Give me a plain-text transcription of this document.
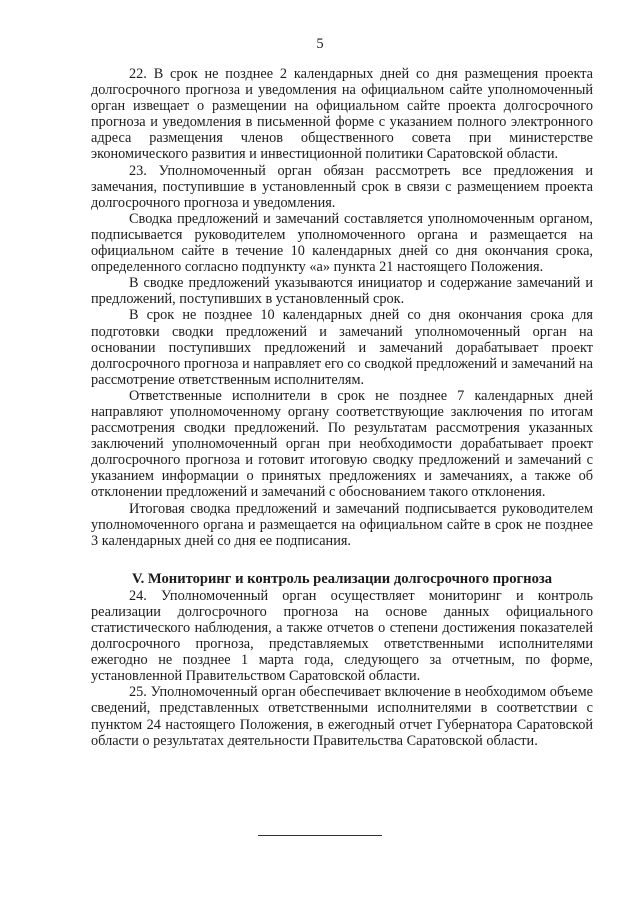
5

22. В срок не позднее 2 календарных дней со дня размещения проекта долгосрочного прогноза и уведомления на официальном сайте уполномоченный орган извещает о размещении на официальном сайте проекта долгосрочного прогноза и уведомления в письменной форме с указанием полного электронного адреса размещения членов общественного совета при министерстве экономического развития и инвестиционной политики Саратовской области.

23. Уполномоченный орган обязан рассмотреть все предложения и замечания, поступившие в установленный срок в связи с размещением проекта долгосрочного прогноза и уведомления.

Сводка предложений и замечаний составляется уполномоченным органом, подписывается руководителем уполномоченного органа и размещается на официальном сайте в течение 10 календарных дней со дня окончания срока, определенного согласно подпункту «а» пункта 21 настоящего Положения.

В сводке предложений указываются инициатор и содержание замечаний и предложений, поступивших в установленный срок.

В срок не позднее 10 календарных дней со дня окончания срока для подготовки сводки предложений и замечаний уполномоченный орган на основании поступивших предложений и замечаний дорабатывает проект долгосрочного прогноза и направляет его со сводкой предложений и замечаний на рассмотрение ответственным исполнителям.

Ответственные исполнители в срок не позднее 7 календарных дней направляют уполномоченному органу соответствующие заключения по итогам рассмотрения сводки предложений. По результатам рассмотрения указанных заключений уполномоченный орган при необходимости дорабатывает проект долгосрочного прогноза и готовит итоговую сводку предложений и замечаний с указанием информации о принятых предложениях и замечаниях, а также об отклонении предложений и замечаний с обоснованием такого отклонения.

Итоговая сводка предложений и замечаний подписывается руководителем уполномоченного органа и размещается на официальном сайте в срок не позднее 3 календарных дней со дня ее подписания.

V. Мониторинг и контроль реализации долгосрочного прогноза

24. Уполномоченный орган осуществляет мониторинг и контроль реализации долгосрочного прогноза на основе данных официального статистического наблюдения, а также отчетов о степени достижения показателей долгосрочного прогноза, представляемых ответственными исполнителями ежегодно не позднее 1 марта года, следующего за отчетным, по форме, установленной Правительством Саратовской области.

25. Уполномоченный орган обеспечивает включение в необходимом объеме сведений, представленных ответственными исполнителями в соответствии с пунктом 24 настоящего Положения, в ежегодный отчет Губернатора Саратовской области о результатах деятельности Правительства Саратовской области.
